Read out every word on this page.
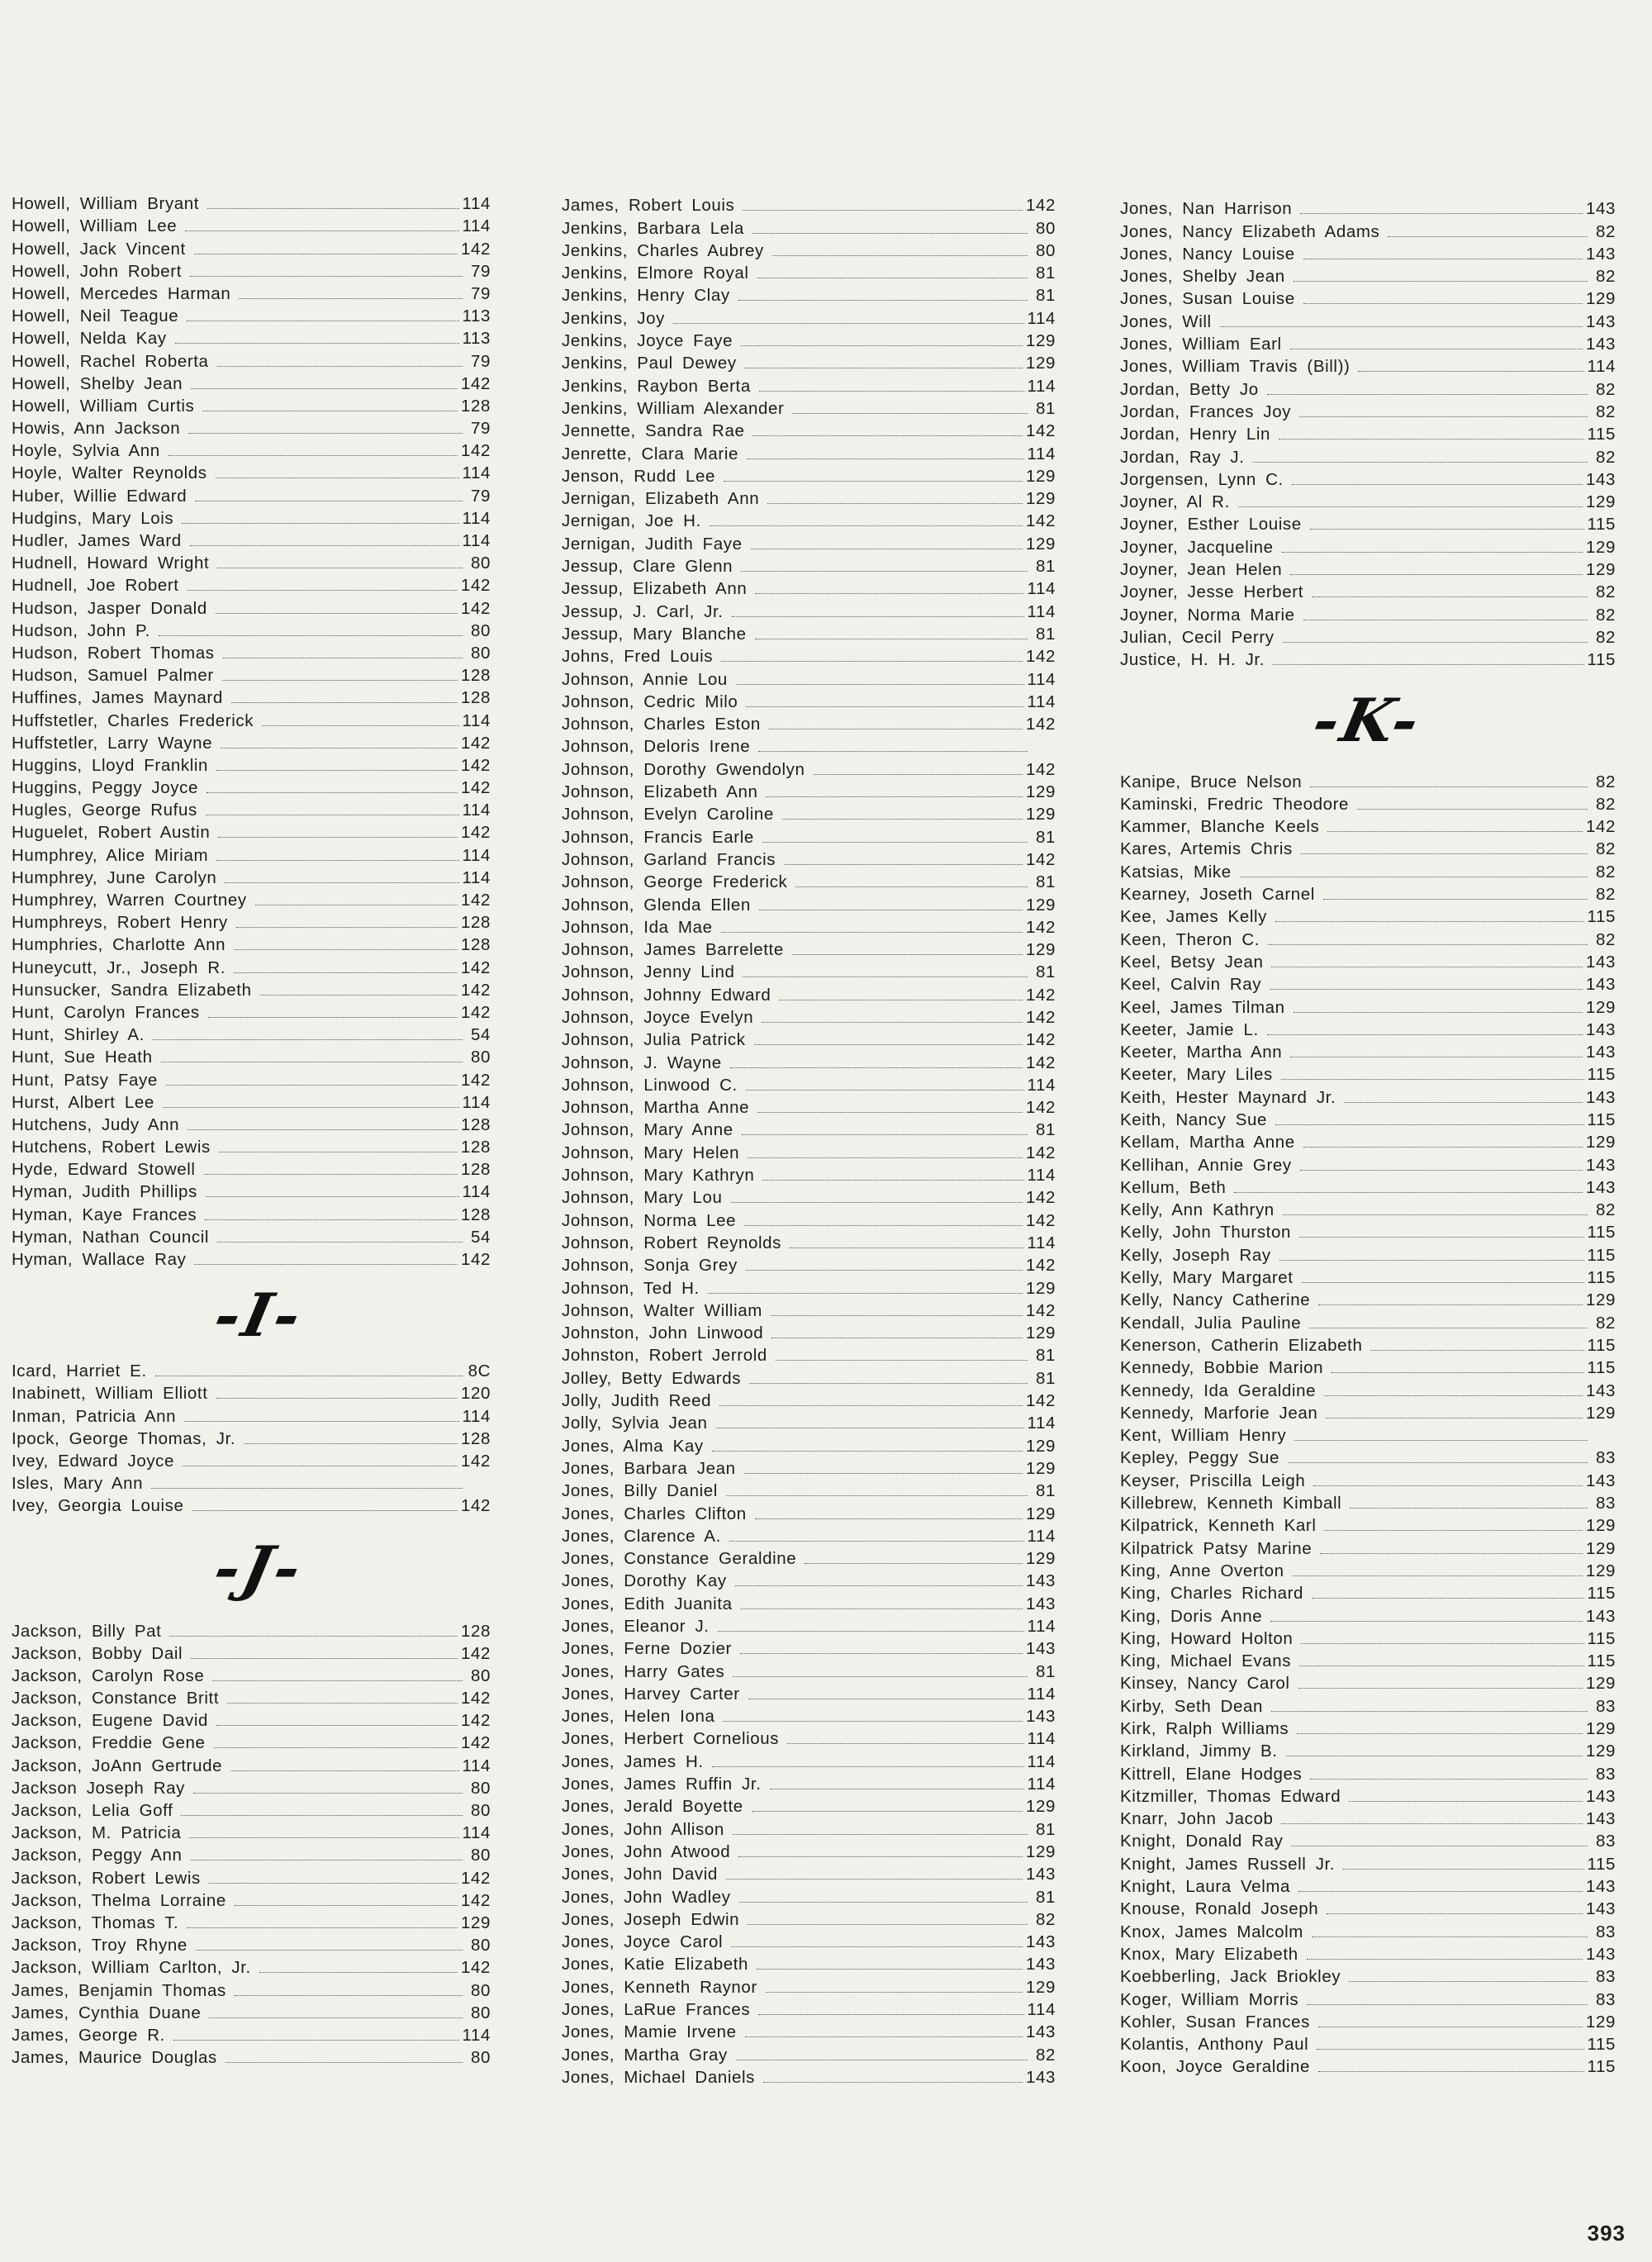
Howell, William Bryant	114
Howell, William Lee	114
Howell, Jack Vincent	142
Howell, John Robert	79
Howell, Mercedes Harman	79
Howell, Neil Teague	113
Howell, Nelda Kay	113
Howell, Rachel Roberta	79
Howell, Shelby Jean	142
Howell, William Curtis	128
Howis, Ann Jackson	79
Hoyle, Sylvia Ann	142
Hoyle, Walter Reynolds	114
Huber, Willie Edward	79
Hudgins, Mary Lois	114
Hudler, James Ward	114
Hudnell, Howard Wright	80
Hudnell, Joe Robert	142
Hudson, Jasper Donald	142
Hudson, John P.	80
Hudson, Robert Thomas	80
Hudson, Samuel Palmer	128
Huffines, James Maynard	128
Huffstetler, Charles Frederick	114
Huffstetler, Larry Wayne	142
Huggins, Lloyd Franklin	142
Huggins, Peggy Joyce	142
Hugles, George Rufus	114
Huguelet, Robert Austin	142
Humphrey, Alice Miriam	114
Humphrey, June Carolyn	114
Humphrey, Warren Courtney	142
Humphreys, Robert Henry	128
Humphries, Charlotte Ann	128
Huneycutt, Jr., Joseph R.	142
Hunsucker, Sandra Elizabeth	142
Hunt, Carolyn Frances	142
Hunt, Shirley A.	54
Hunt, Sue Heath	80
Hunt, Patsy Faye	142
Hurst, Albert Lee	114
Hutchens, Judy Ann	128
Hutchens, Robert Lewis	128
Hyde, Edward Stowell	128
Hyman, Judith Phillips	114
Hyman, Kaye Frances	128
Hyman, Nathan Council	54
Hyman, Wallace Ray	142
-I-
Icard, Harriet E.	8C
Inabinett, William Elliott	120
Inman, Patricia Ann	114
Ipock, George Thomas, Jr.	128
Ivey, Edward Joyce	142
Isles, Mary Ann
Ivey, Georgia Louise	142
-J-
Jackson, Billy Pat	128
Jackson, Bobby Dail	142
Jackson, Carolyn Rose	80
Jackson, Constance Britt	142
Jackson, Eugene David	142
Jackson, Freddie Gene	142
Jackson, JoAnn Gertrude	114
Jackson Joseph Ray	80
Jackson, Lelia Goff	80
Jackson, M. Patricia	114
Jackson, Peggy Ann	80
Jackson, Robert Lewis	142
Jackson, Thelma Lorraine	142
Jackson, Thomas T.	129
Jackson, Troy Rhyne	80
Jackson, William Carlton, Jr.	142
James, Benjamin Thomas	80
James, Cynthia Duane	80
James, George R.	114
James, Maurice Douglas	80
James, Robert Louis	142
Jenkins, Barbara Lela	80
Jenkins, Charles Aubrey	80
Jenkins, Elmore Royal	81
Jenkins, Henry Clay	81
Jenkins, Joy	114
Jenkins, Joyce Faye	129
Jenkins, Paul Dewey	129
Jenkins, Raybon Berta	114
Jenkins, William Alexander	81
Jennette, Sandra Rae	142
Jenrette, Clara Marie	114
Jenson, Rudd Lee	129
Jernigan, Elizabeth Ann	129
Jernigan, Joe H.	142
Jernigan, Judith Faye	129
Jessup, Clare Glenn	81
Jessup, Elizabeth Ann	114
Jessup, J. Carl, Jr.	114
Jessup, Mary Blanche	81
Johns, Fred Louis	142
Johnson, Annie Lou	114
Johnson, Cedric Milo	114
Johnson, Charles Eston	142
Johnson, Deloris Irene
Johnson, Dorothy Gwendolyn	142
Johnson, Elizabeth Ann	129
Johnson, Evelyn Caroline	129
Johnson, Francis Earle	81
Johnson, Garland Francis	142
Johnson, George Frederick	81
Johnson, Glenda Ellen	129
Johnson, Ida Mae	142
Johnson, James Barrelette	129
Johnson, Jenny Lind	81
Johnson, Johnny Edward	142
Johnson, Joyce Evelyn	142
Johnson, Julia Patrick	142
Johnson, J. Wayne	142
Johnson, Linwood C.	114
Johnson, Martha Anne	142
Johnson, Mary Anne	81
Johnson, Mary Helen	142
Johnson, Mary Kathryn	114
Johnson, Mary Lou	142
Johnson, Norma Lee	142
Johnson, Robert Reynolds	114
Johnson, Sonja Grey	142
Johnson, Ted H.	129
Johnson, Walter William	142
Johnston, John Linwood	129
Johnston, Robert Jerrold	81
Jolley, Betty Edwards	81
Jolly, Judith Reed	142
Jolly, Sylvia Jean	114
Jones, Alma Kay	129
Jones, Barbara Jean	129
Jones, Billy Daniel	81
Jones, Charles Clifton	129
Jones, Clarence A.	114
Jones, Constance Geraldine	129
Jones, Dorothy Kay	143
Jones, Edith Juanita	143
Jones, Eleanor J.	114
Jones, Ferne Dozier	143
Jones, Harry Gates	81
Jones, Harvey Carter	114
Jones, Helen Iona	143
Jones, Herbert Cornelious	114
Jones, James H.	114
Jones, James Ruffin Jr.	114
Jones, Jerald Boyette	129
Jones, John Allison	81
Jones, John Atwood	129
Jones, John David	143
Jones, John Wadley	81
Jones, Joseph Edwin	82
Jones, Joyce Carol	143
Jones, Katie Elizabeth	143
Jones, Kenneth Raynor	129
Jones, LaRue Frances	114
Jones, Mamie Irvene	143
Jones, Martha Gray	82
Jones, Michael Daniels	143
Jones, Nan Harrison	143
Jones, Nancy Elizabeth Adams	82
Jones, Nancy Louise	143
Jones, Shelby Jean	82
Jones, Susan Louise	129
Jones, Will	143
Jones, William Earl	143
Jones, William Travis (Bill))	114
Jordan, Betty Jo	82
Jordan, Frances Joy	82
Jordan, Henry Lin	115
Jordan, Ray J.	82
Jorgensen, Lynn C.	143
Joyner, Al R.	129
Joyner, Esther Louise	115
Joyner, Jacqueline	129
Joyner, Jean Helen	129
Joyner, Jesse Herbert	82
Joyner, Norma Marie	82
Julian, Cecil Perry	82
Justice, H. H. Jr.	115
-K-
Kanipe, Bruce Nelson	82
Kaminski, Fredric Theodore	82
Kammer, Blanche Keels	142
Kares, Artemis Chris	82
Katsias, Mike	82
Kearney, Joseth Carnel	82
Kee, James Kelly	115
Keen, Theron C.	82
Keel, Betsy Jean	143
Keel, Calvin Ray	143
Keel, James Tilman	129
Keeter, Jamie L.	143
Keeter, Martha Ann	143
Keeter, Mary Liles	115
Keith, Hester Maynard Jr.	143
Keith, Nancy Sue	115
Kellam, Martha Anne	129
Kellihan, Annie Grey	143
Kellum, Beth	143
Kelly, Ann Kathryn	82
Kelly, John Thurston	115
Kelly, Joseph Ray	115
Kelly, Mary Margaret	115
Kelly, Nancy Catherine	129
Kendall, Julia Pauline	82
Kenerson, Catherin Elizabeth	115
Kennedy, Bobbie Marion	115
Kennedy, Ida Geraldine	143
Kennedy, Marforie Jean	129
Kent, William Henry
Kepley, Peggy Sue	83
Keyser, Priscilla Leigh	143
Killebrew, Kenneth Kimball	83
Kilpatrick, Kenneth Karl	129
Kilpatrick Patsy Marine	129
King, Anne Overton	129
King, Charles Richard	115
King, Doris Anne	143
King, Howard Holton	115
King, Michael Evans	115
Kinsey, Nancy Carol	129
Kirby, Seth Dean	83
Kirk, Ralph Williams	129
Kirkland, Jimmy B.	129
Kittrell, Elane Hodges	83
Kitzmiller, Thomas Edward	143
Knarr, John Jacob	143
Knight, Donald Ray	83
Knight, James Russell Jr.	115
Knight, Laura Velma	143
Knouse, Ronald Joseph	143
Knox, James Malcolm	83
Knox, Mary Elizabeth	143
Koebberling, Jack Briokley	83
Koger, William Morris	83
Kohler, Susan Frances	129
Kolantis, Anthony Paul	115
Koon, Joyce Geraldine	115
393
